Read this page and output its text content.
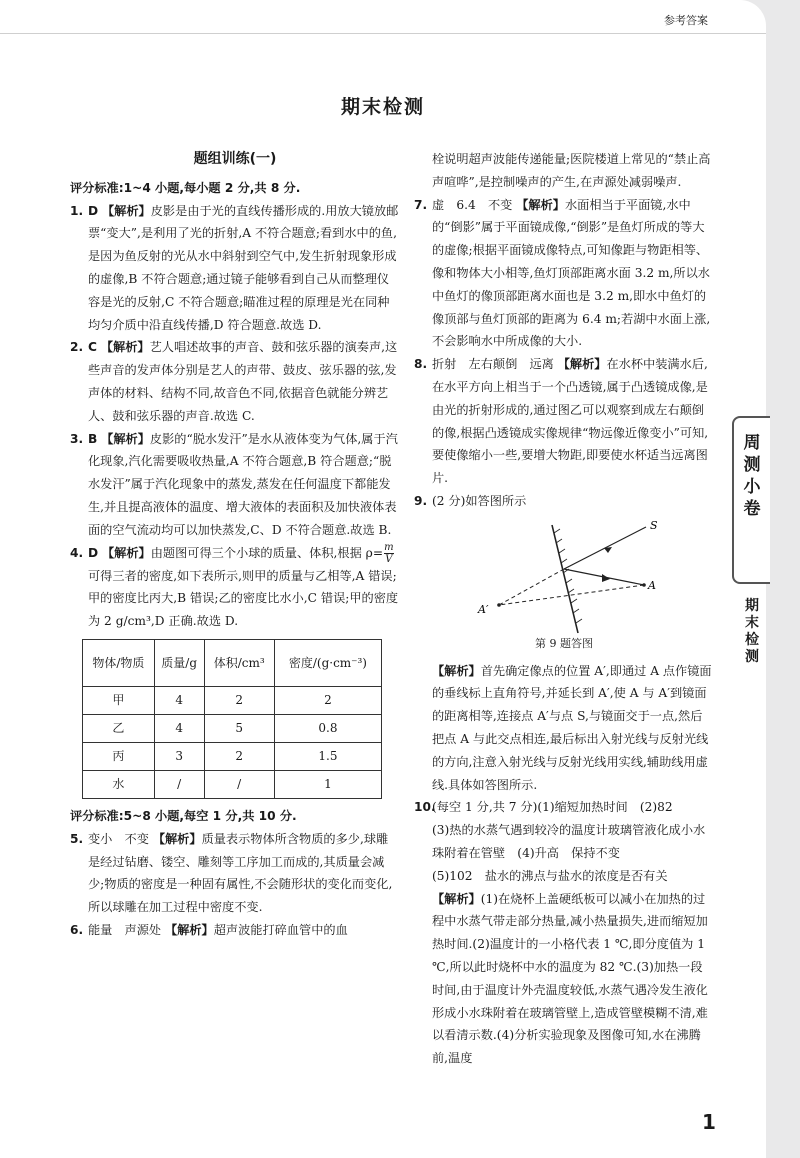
参考答案
期末检测
题组训练(一)

评分标准:1~4 小题,每小题 2 分,共 8 分.

1. D 【解析】皮影是由于光的直线传播形成的.用放大镜放邮票“变大”,是利用了光的折射,A 不符合题意;看到水中的鱼,是因为鱼反射的光从水中斜射到空气中,发生折射现象形成的虚像,B 不符合题意;通过镜子能够看到自己从而整理仪容是光的反射,C 不符合题意;瞄准过程的原理是光在同种均匀介质中沿直线传播,D 符合题意.故选 D.

2. C 【解析】艺人唱述故事的声音、鼓和弦乐器的演奏声,这些声音的发声体分别是艺人的声带、鼓皮、弦乐器的弦,发声体的材料、结构不同,故音色不同,依据音色就能分辨艺人、鼓和弦乐器的声音.故选 C.

3. B 【解析】皮影的“脱水发汗”是水从液体变为气体,属于汽化现象,汽化需要吸收热量,A 不符合题意,B 符合题意;“脱水发汗”属于汽化现象中的蒸发,蒸发在任何温度下都能发生,并且提高液体的温度、增大液体的表面积及加快液体表面的空气流动均可以加快蒸发,C、D 不符合题意.故选 B.

4. D 【解析】由题图可得三个小球的质量、体积,根据 $\rho= \frac{m}{V}$
可得三者的密度,如下表所示,则甲的质量与乙相等,A 错误;甲的密度比丙大,B 错误;乙的密度比水小,C 错误;甲的密度为 2 g/cm³,D 正确.故选 D.

物体/物质	质量/g	体积/cm³	密度/(g·cm⁻³)
甲	4	2	2
乙	4	5	0.8
丙	3	2	1.5
水	/	/	1

评分标准:5~8 小题,每空 1 分,共 10 分.

5. 变小　不变 【解析】质量表示物体所含物质的多少,球雕是经过钻磨、镂空、雕刻等工序加工而成的,其质量会减少;物质的密度是一种固有属性,不会随形状的变化而变化,所以球雕在加工过程中密度不变.

6. 能量　声源处 【解析】超声波能打碎血管中的血

栓说明超声波能传递能量;医院楼道上常见的“禁止高声喧哗”,是控制噪声的产生,在声源处减弱噪声.

7. 虚　6.4　不变 【解析】水面相当于平面镜,水中的“倒影”属于平面镜成像,“倒影”是鱼灯所成的等大的虚像;根据平面镜成像特点,可知像距与物距相等、像和物体大小相等,鱼灯顶部距离水面 3.2 m,所以水中鱼灯的像顶部距离水面也是 3.2 m,即水中鱼灯的像顶部与鱼灯顶部的距离为 6.4 m;若湖中水面上涨,不会影响水中所成像的大小.

8. 折射　左右颠倒　远离 【解析】在水杯中装满水后,在水平方向上相当于一个凸透镜,属于凸透镜成像,是由光的折射形成的,通过图乙可以观察到成左右颠倒的像,根据凸透镜成实像规律“物远像近像变小”可知,要使像缩小一些,要增大物距,即要使水杯适当远离图片.

9. (2 分)如答图所示

S
A
A′
第 9 题答图

【解析】首先确定像点的位置 A′,即通过 A 点作镜面的垂线标上直角符号,并延长到 A′,使 A 与 A′到镜面的距离相等,连接点 A′与点 S,与镜面交于一点,然后把点 A 与此交点相连,最后标出入射光线与反射光线的方向,注意入射光线与反射光线用实线,辅助线用虚线.具体如答图所示.

10.
(每空 1 分,共 7 分)(1)缩短加热时间　(2)82
(3)热的水蒸气遇到较冷的温度计玻璃管液化成小水珠附着在管壁　(4)升高　保持不变
(5)102　盐水的沸点与盐水的浓度是否有关
【解析】(1)在烧杯上盖硬纸板可以减小在加热的过程中水蒸气带走部分热量,减小热量损失,进而缩短加热时间.(2)温度计的一小格代表 1 ℃,即分度值为 1 ℃,所以此时烧杯中水的温度为 82 ℃.(3)加热一段时间,由于温度计外壳温度较低,水蒸气遇冷发生液化形成小水珠附着在玻璃管壁上,造成管壁模糊不清,难以看清示数.(4)分析实验现象及图像可知,水在沸腾前,温度

1
周测小卷
期末检测
